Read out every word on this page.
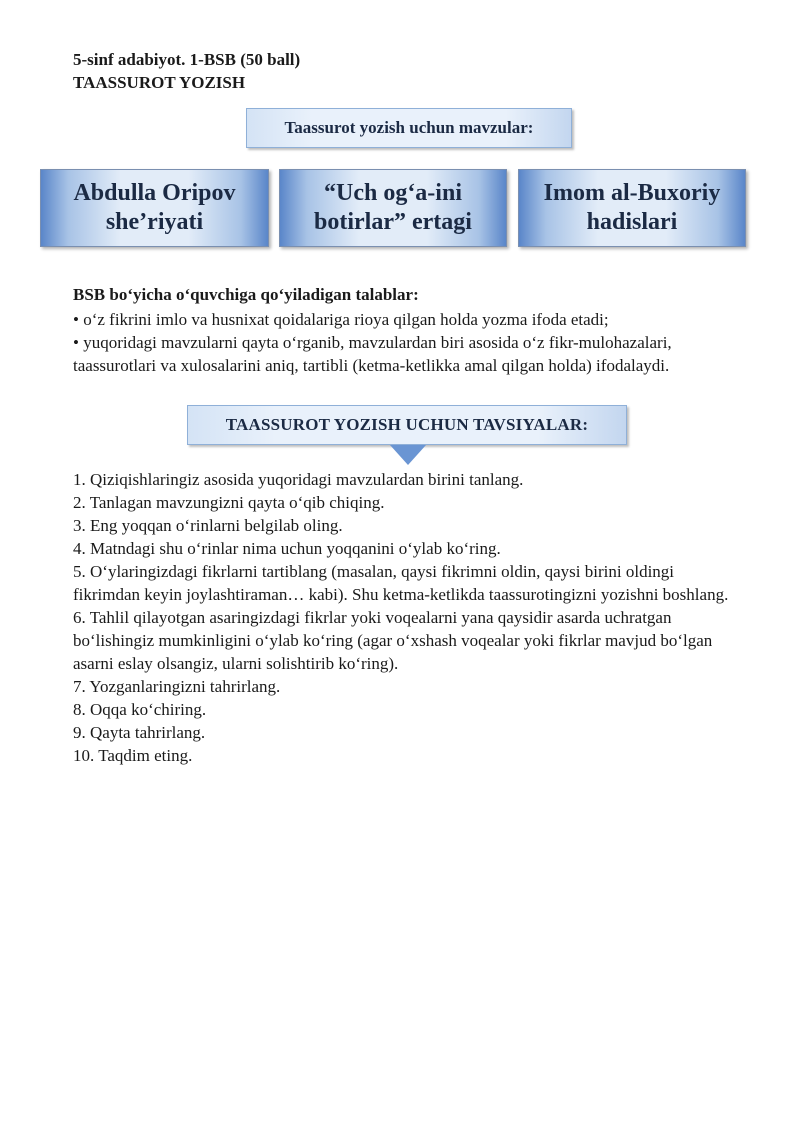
5-sinf adabiyot. 1-BSB (50 ball)
TAASSUROT YOZISH
Taassurot yozish uchun mavzular:
Abdulla Oripov
she’riyati
“Uch og‘a-ini
botirlar” ertagi
Imom al-Buxoriy
hadislari
BSB bo‘yicha o‘quvchiga qo‘yiladigan talablar:
• o‘z fikrini imlo va husnixat qoidalariga rioya qilgan holda yozma ifoda etadi;
• yuqoridagi mavzularni qayta o‘rganib, mavzulardan biri asosida o‘z fikr-mulohazalari, taassurotlari va xulosalarini aniq, tartibli (ketma-ketlikka amal qilgan holda) ifodalaydi.
TAASSUROT YOZISH UCHUN TAVSIYALAR:
1. Qiziqishlaringiz asosida yuqoridagi mavzulardan birini tanlang.
2. Tanlagan mavzungizni qayta o‘qib chiqing.
3. Eng yoqqan o‘rinlarni belgilab oling.
4. Matndagi shu o‘rinlar nima uchun yoqqanini o‘ylab ko‘ring.
5. O‘ylaringizdagi fikrlarni tartiblang (masalan, qaysi fikrimni oldin, qaysi birini oldingi fikrimdan keyin joylashtiraman… kabi). Shu ketma-ketlikda taassurotingizni yozishni boshlang.
6. Tahlil qilayotgan asaringizdagi fikrlar yoki voqealarni yana qaysidir asarda uchratgan bo‘lishingiz mumkinligini o‘ylab ko‘ring (agar o‘xshash voqealar yoki fikrlar mavjud bo‘lgan asarni eslay olsangiz, ularni solishtirib ko‘ring).
7. Yozganlaringizni tahrirlang.
8. Oqqa ko‘chiring.
9. Qayta tahrirlang.
10. Taqdim eting.
